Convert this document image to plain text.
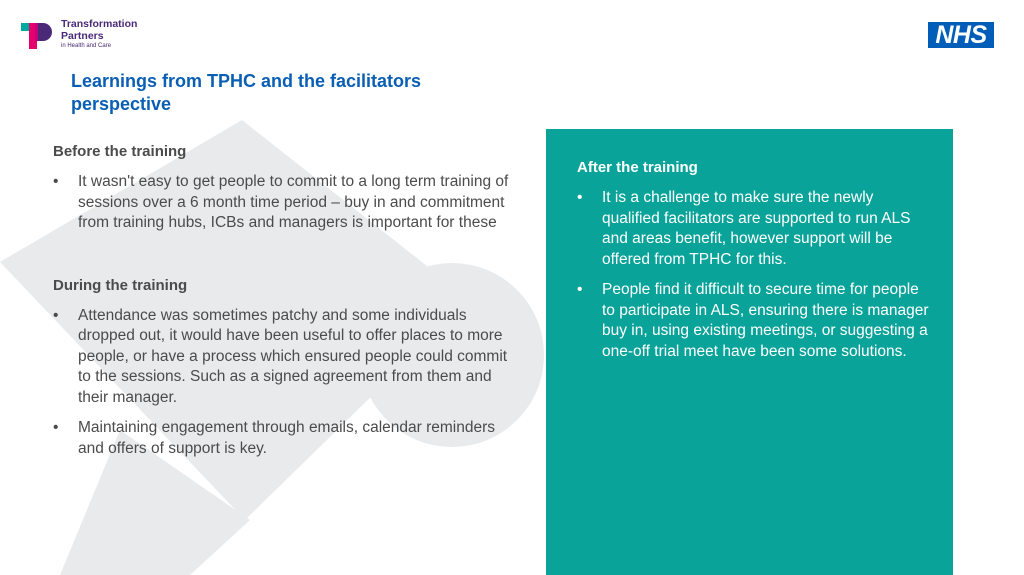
Transformation
Partners
in Health and Care	NHS
Learnings from TPHC and the facilitators perspective
Before the training
•	It wasn't easy to get people to commit to a long term training of sessions over a 6 month time period – buy in and commitment from training hubs, ICBs and managers is important for these
During the training
•	Attendance was sometimes patchy and some individuals dropped out, it would have been useful to offer places to more people, or have a process which ensured people could commit to the sessions. Such as a signed agreement from them and their manager.
•	Maintaining engagement through emails, calendar reminders and offers of support is key.
After the training
•	It is a challenge to make sure the newly qualified facilitators are supported to run ALS and areas benefit, however support will be offered from TPHC for this.
•	People find it difficult to secure time for people to participate in ALS, ensuring there is manager buy in, using existing meetings, or suggesting a one-off trial meet have been some solutions.
